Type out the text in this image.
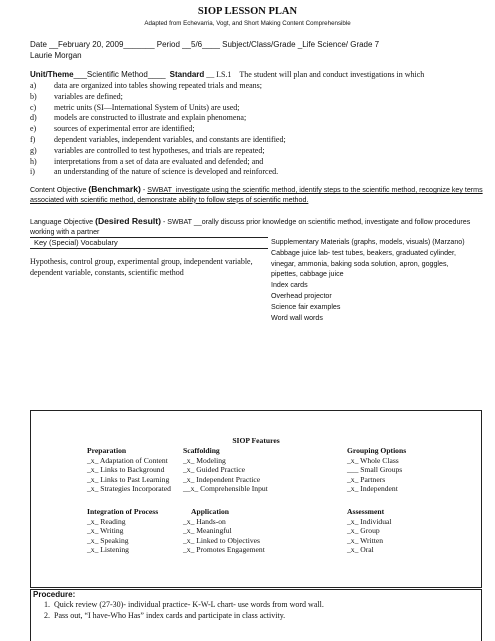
SIOP LESSON PLAN
Adapted from Echevarria, Vogt, and Short Making Content Comprehensible
Date __February 20, 2009_______ Period __5/6____ Subject/Class/Grade _Life Science/ Grade 7
Laurie Morgan
Unit/Theme___Scientific Method____ Standard __ I.S.1 The student will plan and conduct investigations in which
a) data are organized into tables showing repeated trials and means;
b) variables are defined;
c) metric units (SI—International System of Units) are used;
d) models are constructed to illustrate and explain phenomena;
e) sources of experimental error are identified;
f) dependent variables, independent variables, and constants are identified;
g) variables are controlled to test hypotheses, and trials are repeated;
h) interpretations from a set of data are evaluated and defended; and
i) an understanding of the nature of science is developed and reinforced.
Content Objective (Benchmark) - SWBAT_investigate using the scientific method, identify steps to the scientific method, recognize key terms associated with scientific method, demonstrate ability to follow steps of scientific method.
Language Objective (Desired Result) - SWBAT __orally discuss prior knowledge on scientific method, investigate and follow procedures working with a partner
Key (Special) Vocabulary
Hypothesis, control group, experimental group, independent variable, dependent variable, constants, scientific method
Supplementary Materials (graphs, models, visuals) (Marzano)
Cabbage juice lab- test tubes, beakers, graduated cylinder,
vinegar, ammonia, baking soda solution, apron, goggles,
pipettes, cabbage juice
Index cards
Overhead projector
Science fair examples
Word wall words
SIOP Features
Preparation
_x_ Adaptation of Content
_x_ Links to Background
_x_ Links to Past Learning
_x_ Strategies Incorporated
Scaffolding
_x_ Modeling
_x_ Guided Practice
_x_ Independent Practice
__x_ Comprehensible Input
Grouping Options
_x_ Whole Class
___ Small Groups
_x_ Partners
_x_ Independent
Integration of Process
_x_ Reading
_x_ Writing
_x_ Speaking
_x_ Listening
Application
_x_ Hands-on
_x_ Meaningful
_x_ Linked to Objectives
_x_ Promotes Engagement
Assessment
_x_ Individual
_x_ Group
_x_ Written
_x_ Oral
Procedure:
1. Quick review (27-30)- individual practice- K-W-L chart- use words from word wall.
2. Pass out, “I have-Who Has” index cards and participate in class activity.
